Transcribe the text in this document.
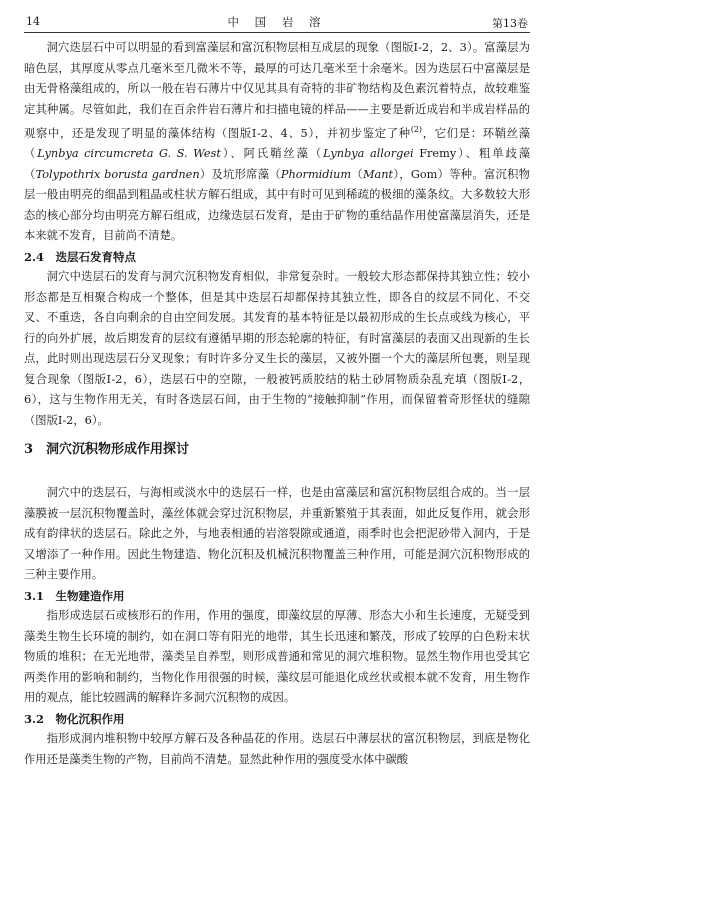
14	中 国 岩 溶	第13卷

洞穴迭层石中可以明显的看到富藻层和富沉积物层相互成层的现象（图版Ⅰ-2，2、3）。富藻层为暗色层，其厚度从零点几毫米至几微米不等，最厚的可达几毫米至十余毫米。因为迭层石中富藻层是由无骨格藻组成的，所以一般在岩石薄片中仅见其具有奇特的非矿物结构及色素沉着特点，故较难鉴定其种属。尽管如此，我们在百余件岩石薄片和扫描电镜的样品——主要是新近成岩和半成岩样品的观察中，还是发现了明显的藻体结构（图版Ⅰ-2、4、5），并初步鉴定了种$^{(2)}$，它们是：环鞘丝藻（Lynbya circumcreta G. S. West）、阿氏鞘丝藻（Lynbya allorgei Fremy）、粗单歧藻（Tolypothrix borusta gardnen）及坑形席藻（Phormidium（Mant），Gom）等种。富沉积物层一般由明亮的细晶到粗晶或柱状方解石组成，其中有时可见到稀疏的极细的藻条纹。大多数较大形态的核心部分均由明亮方解石组成，边缘迭层石发育，是由于矿物的重结晶作用使富藻层消失，还是本来就不发育，目前尚不清楚。

2.4　迭层石发育特点

洞穴中迭层石的发育与洞穴沉积物发育相似，非常复杂时。一般较大形态都保持其独立性；较小形态都是互相聚合构成一个整体，但是其中迭层石却都保持其独立性，即各自的纹层不同化、不交叉、不重迭，各自向剩余的自由空间发展。其发育的基本特征是以最初形成的生长点或线为核心，平行的向外扩展，故后期发育的层纹有遵循早期的形态轮廓的特征，有时富藻层的表面又出现新的生长点，此时则出现迭层石分叉现象；有时许多分叉生长的藻层，又被外圈一个大的藻层所包裹，则呈现复合现象（图版Ⅰ-2，6），迭层石中的空隙，一般被钙质胶结的粘土砂屑物质杂乱充填（图版Ⅰ-2，6），这与生物作用无关，有时各迭层石间，由于生物的“接触抑制”作用，而保留着奇形怪状的缝隙（图版Ⅰ-2，6）。

3　洞穴沉积物形成作用探讨

洞穴中的迭层石，与海相或淡水中的迭层石一样，也是由富藻层和富沉积物层组合成的。当一层藻膜被一层沉积物覆盖时，藻丝体就会穿过沉积物层，并重新繁殖于其表面，如此反复作用，就会形成有韵律状的迭层石。除此之外，与地表相通的岩溶裂隙或通道，雨季时也会把泥砂带入洞内，于是又增添了一种作用。因此生物建造、物化沉积及机械沉积物覆盖三种作用，可能是洞穴沉积物形成的三种主要作用。

3.1　生物建造作用

指形成迭层石或核形石的作用，作用的强度，即藻纹层的厚薄、形态大小和生长速度，无疑受到藻类生物生长环境的制约，如在洞口等有阳光的地带，其生长迅速和繁茂，形成了较厚的白色粉末状物质的堆积；在无光地带，藻类呈自养型，则形成普通和常见的洞穴堆积物。显然生物作用也受其它两类作用的影响和制约，当物化作用很强的时候，藻纹层可能退化成丝状或根本就不发育，用生物作用的观点，能比较圆满的解释许多洞穴沉积物的成因。

3.2　物化沉积作用

指形成洞内堆积物中较厚方解石及各种晶花的作用。迭层石中薄层状的富沉积物层，到底是物化作用还是藻类生物的产物，目前尚不清楚。显然此种作用的强度受水体中碳酸
